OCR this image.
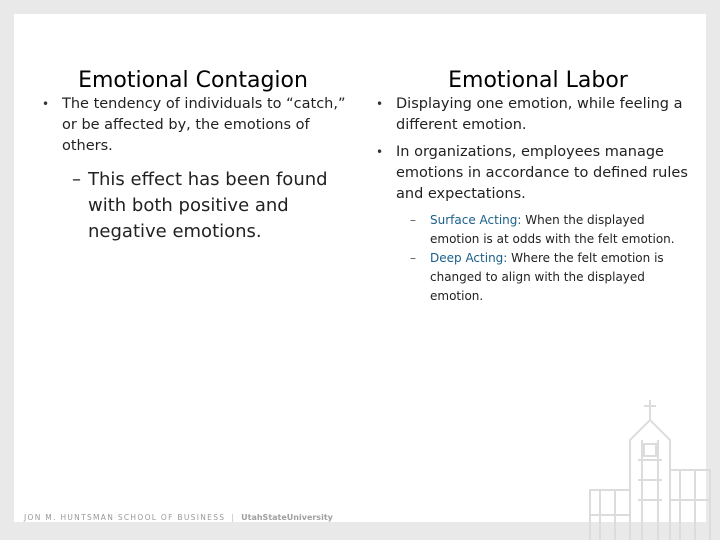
Emotional Contagion	Emotional Labor
• The tendency of individuals to “catch,” or be affected by, the emotions of others.
– This effect has been found with both positive and negative emotions.
• Displaying one emotion, while feeling a different emotion.
• In organizations, employees manage emotions in accordance to defined rules and expectations.
– Surface Acting: When the displayed emotion is at odds with the felt emotion.
– Deep Acting: Where the felt emotion is changed to align with the displayed emotion.
JON M. HUNTSMAN SCHOOL OF BUSINESS | UtahStateUniversity
